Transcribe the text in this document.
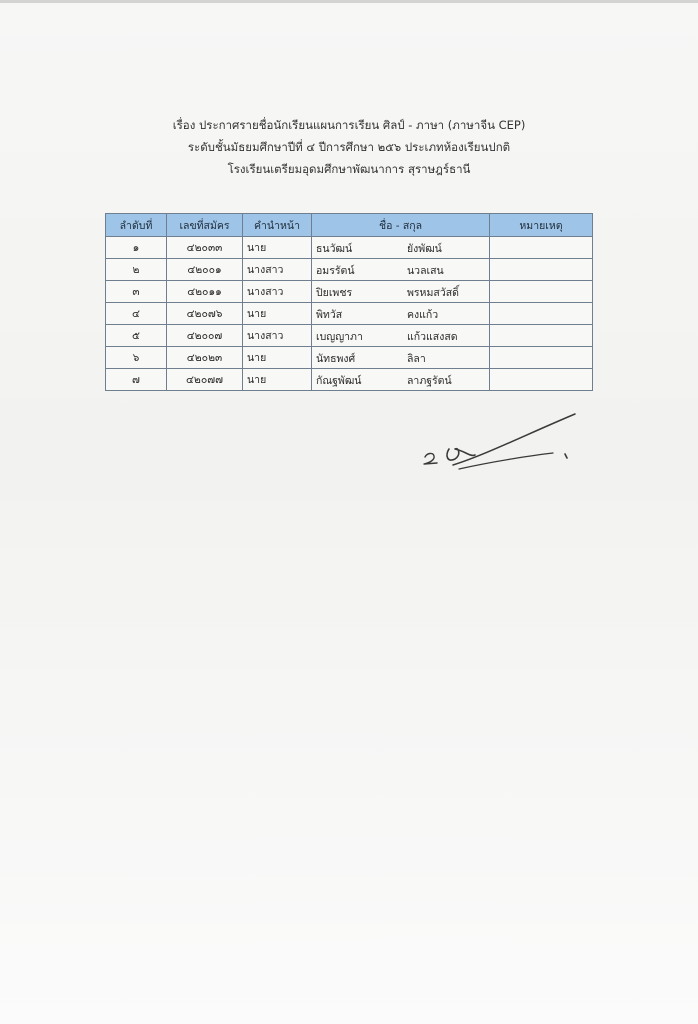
เรื่อง ประกาศรายชื่อนักเรียนแผนการเรียน ศิลป์ - ภาษา (ภาษาจีน CEP)
ระดับชั้นมัธยมศึกษาปีที่ ๔ ปีการศึกษา ๒๕๖ ประเภทห้องเรียนปกติ
โรงเรียนเตรียมอุดมศึกษาพัฒนาการ สุราษฎร์ธานี
ลำดับที่	เลขที่สมัคร	คำนำหน้า	ชื่อ - สกุล	หมายเหตุ
๑	๔๒๐๓๓	นาย	ธนวัฒน์ ยังพัฒน์	

๒	๔๒๐๐๑	นางสาว	อมรรัตน์ นวลเสน	

๓	๔๒๐๑๑	นางสาว	ปิยเพชร พรหมสวัสดิ์	

๔	๔๒๐๗๖	นาย	พิทวัส คงแก้ว	

๕	๔๒๐๐๗	นางสาว	เบญญาภา แก้วแสงสด	

๖	๔๒๐๒๓	นาย	นัทธพงศ์ ลิลา	

๗	๔๒๐๗๗	นาย	กัณฐพัฒน์ ลาภฐรัตน์	
